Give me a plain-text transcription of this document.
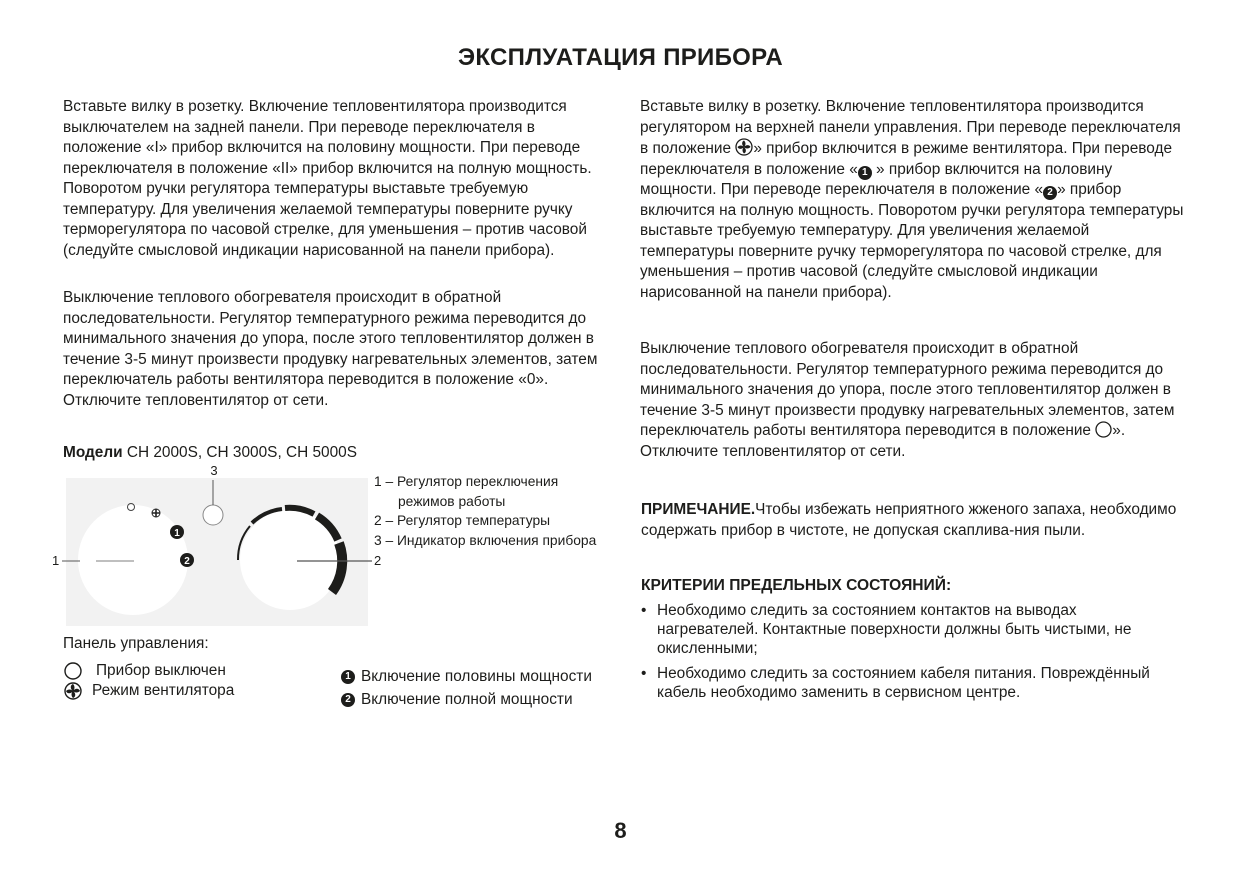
ЭКСПЛУАТАЦИЯ ПРИБОРА

Вставьте вилку в розетку. Включение тепловентилятора производится выключателем на задней панели. При переводе переключателя в положение «I» прибор включится на половину мощности. При переводе переключателя в положение «II» прибор включится на полную мощность. Поворотом ручки регулятора температуры выставьте требуемую температуру. Для увеличения желаемой температуры поверните ручку терморегулятора по часовой стрелке, для уменьшения – против часовой (следуйте смысловой индикации нарисованной на панели прибора).

Выключение теплового обогревателя происходит в обратной последовательности. Регулятор температурного режима переводится до минимального значения до упора, после этого тепловентилятор должен в течение 3-5 минут произвести продувку нагревательных элементов, затем переключатель работы вентилятора переводится в положение «0». Отключите тепловентилятор от сети.

Модели CH 2000S, CH 3000S, CH 5000S
1
2
3
2
1
1 – Регулятор переключения
режимов работы
2 – Регулятор температуры
3 – Индикатор включения прибора
Панель управления:
Прибор выключен
Режим вентилятора
1 Включение половины мощности
2 Включение полной мощности

Вставьте вилку в розетку. Включение тепловентилятора производится регулятором на верхней панели управления. При переводе переключателя в положение » прибор включится в режиме вентилятора. При переводе переключателя в положение « 1 » прибор включится на половину мощности. При переводе переключателя в положение « 2 » прибор включится на полную мощность. Поворотом ручки регулятора температуры выставьте требуемую температуру. Для увеличения желаемой температуры поверните ручку терморегулятора по часовой стрелке, для уменьшения – против часовой (следуйте смысловой индикации нарисованной на панели прибора).

Выключение теплового обогревателя происходит в обратной последовательности. Регулятор температурного режима переводится до минимального значения до упора, после этого тепловентилятор должен в течение 3-5 минут произвести продувку нагревательных элементов, затем переключатель работы вентилятора переводится в положение ». Отключите тепловентилятор от сети.

ПРИМЕЧАНИЕ.Чтобы избежать неприятного жженого запаха, необходимо содержать прибор в чистоте, не допуская скаплива-ния пыли.

КРИТЕРИИ ПРЕДЕЛЬНЫХ СОСТОЯНИЙ:
• Необходимо следить за состоянием контактов на выводах нагревателей. Контактные поверхности должны быть чистыми, не окисленными;
• Необходимо следить за состоянием кабеля питания. Повреждённый кабель необходимо заменить в сервисном центре.
8
